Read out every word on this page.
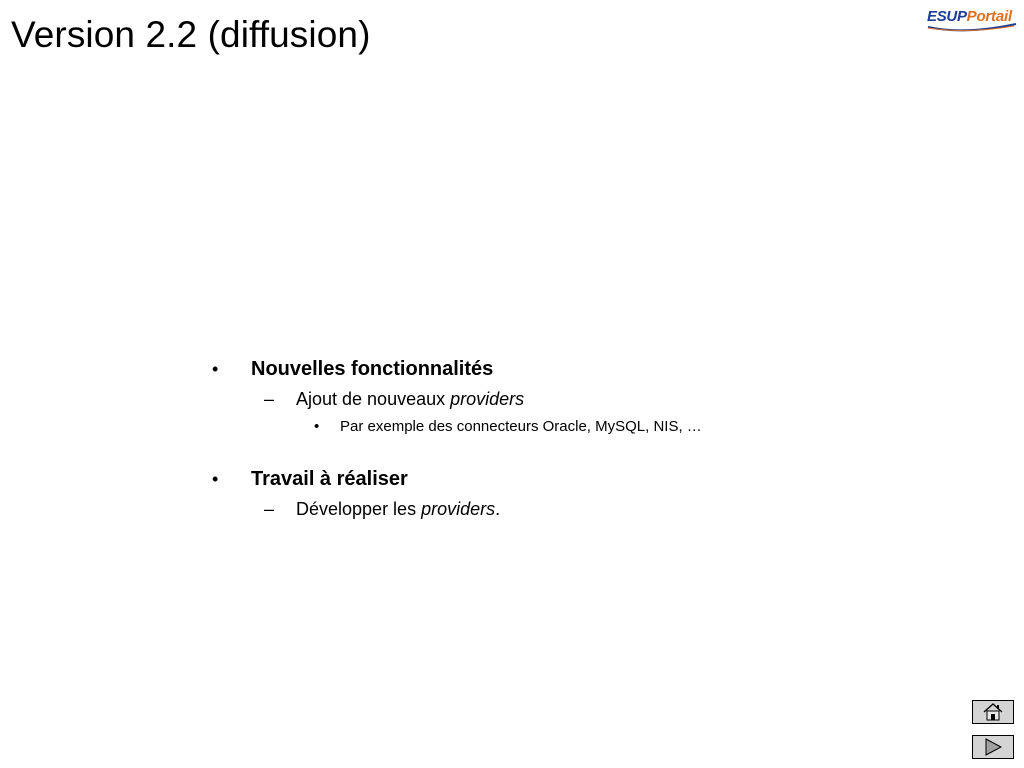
Version 2.2 (diffusion)	ESUPPortail
• Nouvelles fonctionnalités
– Ajout de nouveaux providers
• Par exemple des connecteurs Oracle, MySQL, NIS, …
• Travail à réaliser
– Développer les providers.
